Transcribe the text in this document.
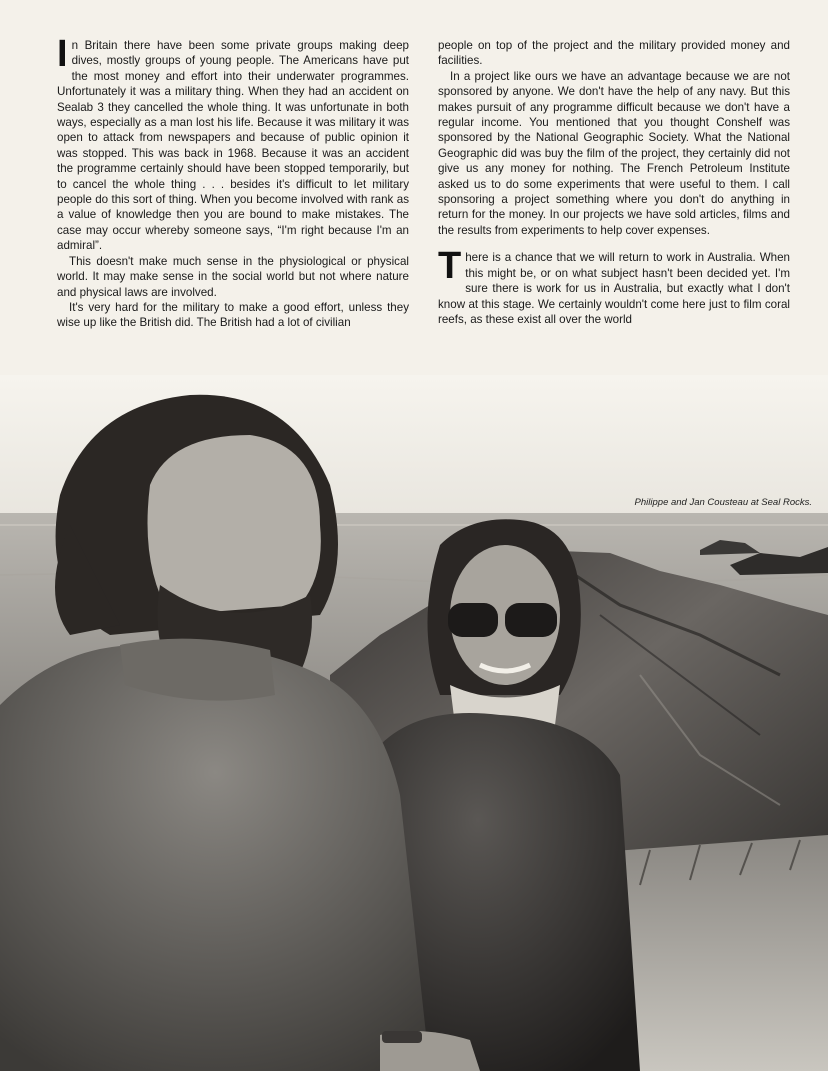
In Britain there have been some private groups making deep dives, mostly groups of young people. The Americans have put the most money and effort into their underwater programmes. Unfortunately it was a military thing. When they had an accident on Sealab 3 they cancelled the whole thing. It was unfortunate in both ways, especially as a man lost his life. Because it was military it was open to attack from newspapers and because of public opinion it was stopped. This was back in 1968. Because it was an accident the programme certainly should have been stopped temporarily, but to cancel the whole thing . . . besides it's difficult to let military people do this sort of thing. When you become involved with rank as a value of knowledge then you are bound to make mistakes. The case may occur whereby someone says, “I'm right because I'm an admiral”.

This doesn't make much sense in the physiological or physical world. It may make sense in the social world but not where nature and physical laws are involved.

It's very hard for the military to make a good effort, unless they wise up like the British did. The British had a lot of civilian

people on top of the project and the military provided money and facilities.

In a project like ours we have an advantage because we are not sponsored by anyone. We don't have the help of any navy. But this makes pursuit of any programme difficult because we don't have a regular income. You mentioned that you thought Conshelf was sponsored by the National Geographic Society. What the National Geographic did was buy the film of the project, they certainly did not give us any money for nothing. The French Petroleum Institute asked us to do some experiments that were useful to them. I call sponsoring a project something where you don't do anything in return for the money. In our projects we have sold articles, films and the results from experiments to help cover expenses.

There is a chance that we will return to work in Australia. When this might be, or on what subject hasn't been decided yet. I'm sure there is work for us in Australia, but exactly what I don't know at this stage. We certainly wouldn't come here just to film coral reefs, as these exist all over the world

Philippe and Jan Cousteau at Seal Rocks.
